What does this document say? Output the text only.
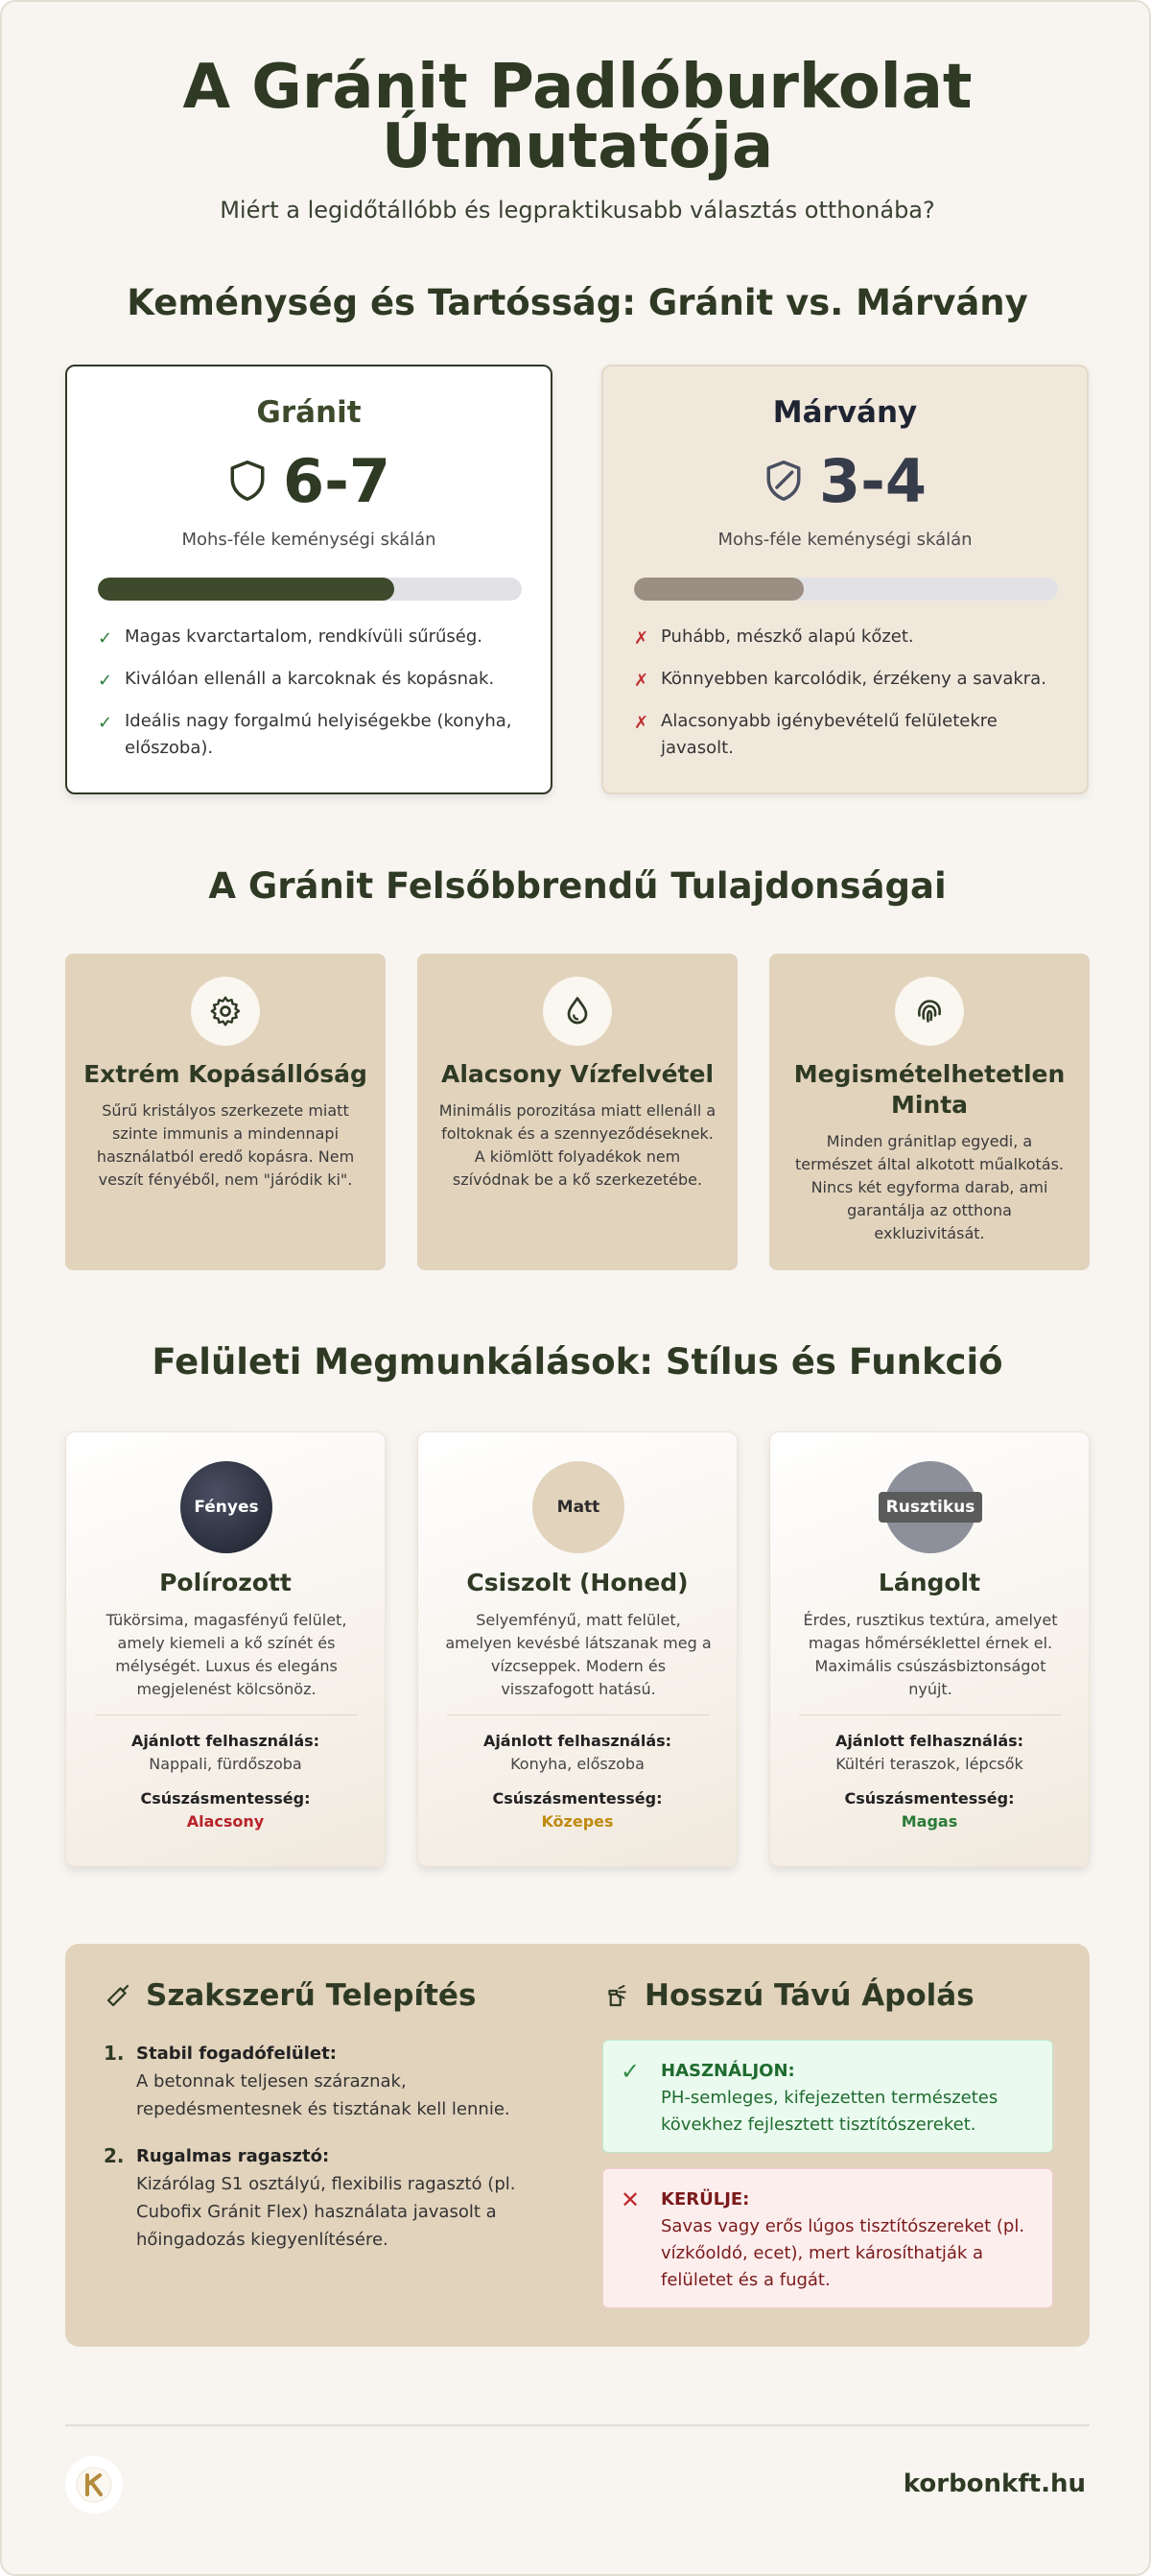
A Gránit Padlóburkolat
Útmutatója
Miért a legidőtállóbb és legpraktikusabb választás otthonába?
Keménység és Tartósság: Gránit vs. Márvány
Gránit
6-7
Mohs-féle keménységi skálán
✓ Magas kvarctartalom, rendkívüli sűrűség.
✓ Kiválóan ellenáll a karcoknak és kopásnak.
✓ Ideális nagy forgalmú helyiségekbe (konyha, előszoba).
Márvány
3-4
Mohs-féle keménységi skálán
✗ Puhább, mészkő alapú kőzet.
✗ Könnyebben karcolódik, érzékeny a savakra.
✗ Alacsonyabb igénybevételű felületekre javasolt.
A Gránit Felsőbbrendű Tulajdonságai
Extrém Kopásállóság
Sűrű kristályos szerkezete miatt szinte immunis a mindennapi használatból eredő kopásra. Nem veszít fényéből, nem "járódik ki".
Alacsony Vízfelvétel
Minimális porozitása miatt ellenáll a foltoknak és a szennyeződéseknek. A kiömlött folyadékok nem szívódnak be a kő szerkezetébe.
Megismételhetetlen Minta
Minden gránitlap egyedi, a természet által alkotott műalkotás. Nincs két egyforma darab, ami garantálja az otthona exkluzivitását.
Felületi Megmunkálások: Stílus és Funkció
Fényes
Polírozott
Tükörsima, magasfényű felület, amely kiemeli a kő színét és mélységét. Luxus és elegáns megjelenést kölcsönöz.
Ajánlott felhasználás:
Nappali, fürdőszoba
Csúszásmentesség:
Alacsony
Matt
Csiszolt (Honed)
Selyemfényű, matt felület, amelyen kevésbé látszanak meg a vízcseppek. Modern és visszafogott hatású.
Ajánlott felhasználás:
Konyha, előszoba
Csúszásmentesség:
Közepes
Rusztikus
Lángolt
Érdes, rusztikus textúra, amelyet magas hőmérséklettel érnek el. Maximális csúszásbiztonságot nyújt.
Ajánlott felhasználás:
Kültéri teraszok, lépcsők
Csúszásmentesség:
Magas
Szakszerű Telepítés
1. Stabil fogadófelület:
A betonnak teljesen száraznak, repedésmentesnek és tisztának kell lennie.
2. Rugalmas ragasztó:
Kizárólag S1 osztályú, flexibilis ragasztó (pl. Cubofix Gránit Flex) használata javasolt a hőingadozás kiegyenlítésére.
Hosszú Távú Ápolás
✓ HASZNÁLJON:
PH-semleges, kifejezetten természetes kövekhez fejlesztett tisztítószereket.
✕ KERÜLJE:
Savas vagy erős lúgos tisztítószereket (pl. vízkőoldó, ecet), mert károsíthatják a felületet és a fugát.
korbonkft.hu
